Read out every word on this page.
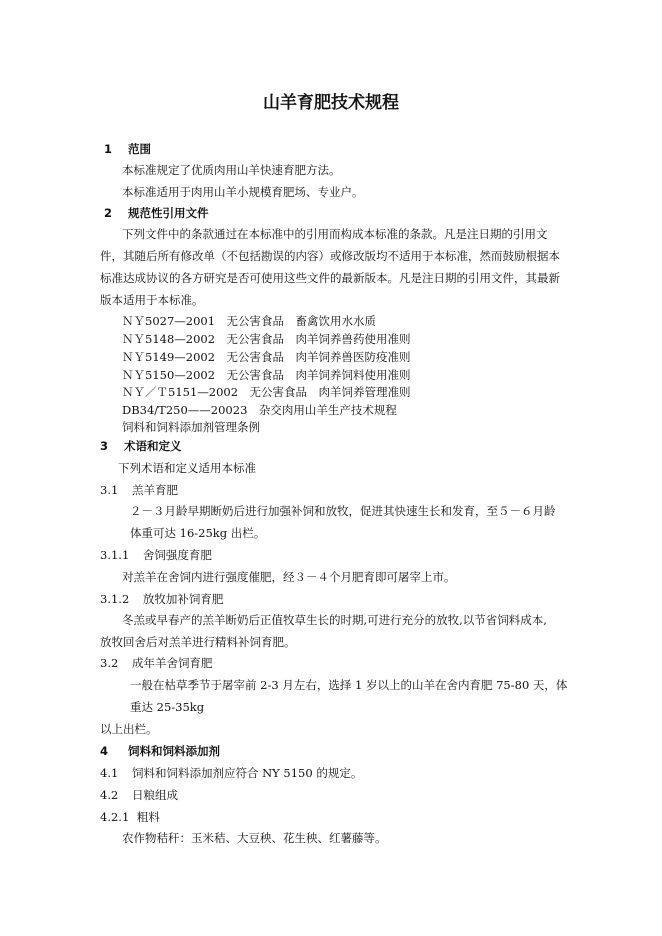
山羊育肥技术规程
1 范围
本标准规定了优质肉用山羊快速育肥方法。
本标准适用于肉用山羊小规模育肥场、专业户。
2 规范性引用文件
下列文件中的条款通过在本标准中的引用而构成本标准的条款。凡是注日期的引用文
件，其随后所有修改单（不包括勘误的内容）或修改版均不适用于本标准，然而鼓励根据本
标准达成协议的各方研究是否可使用这些文件的最新版本。凡是注日期的引用文件，其最新
版本适用于本标准。
ＮＹ5027—2001　无公害食品　畜禽饮用水水质
ＮＹ5148—2002　无公害食品　肉羊饲养兽药使用准则
ＮＹ5149—2002　无公害食品　肉羊饲养兽医防疫准则
ＮＹ5150—2002　无公害食品　肉羊饲养饲料使用准则
ＮＹ／Ｔ5151—2002　无公害食品　肉羊饲养管理准则
DB34/T250——20023　杂交肉用山羊生产技术规程
饲料和饲料添加剂管理条例
3 术语和定义
下列术语和定义适用本标准
3.1 羔羊育肥
２－３月龄早期断奶后进行加强补饲和放牧，促进其快速生长和发育，至５－６月龄
体重可达 16-25kg 出栏。
3.1.1 舍饲强度育肥
对羔羊在舍饲内进行强度催肥，经３－４个月肥育即可屠宰上市。
3.1.2 放牧加补饲育肥
冬羔或早春产的羔羊断奶后正值牧草生长的时期,可进行充分的放牧,以节省饲料成本,
放牧回舍后对羔羊进行精料补饲育肥。
3.2 成年羊舍饲育肥
一般在枯草季节于屠宰前 2-3 月左右，选择 1 岁以上的山羊在舍内育肥 75-80 天，体
重达 25-35kg
以上出栏。
4 饲料和饲料添加剂
4.1 饲料和饲料添加剂应符合 NY 5150 的规定。
4.2 日粮组成
4.2.1 粗料
农作物秸秆：玉米秸、大豆秧、花生秧、红薯藤等。
